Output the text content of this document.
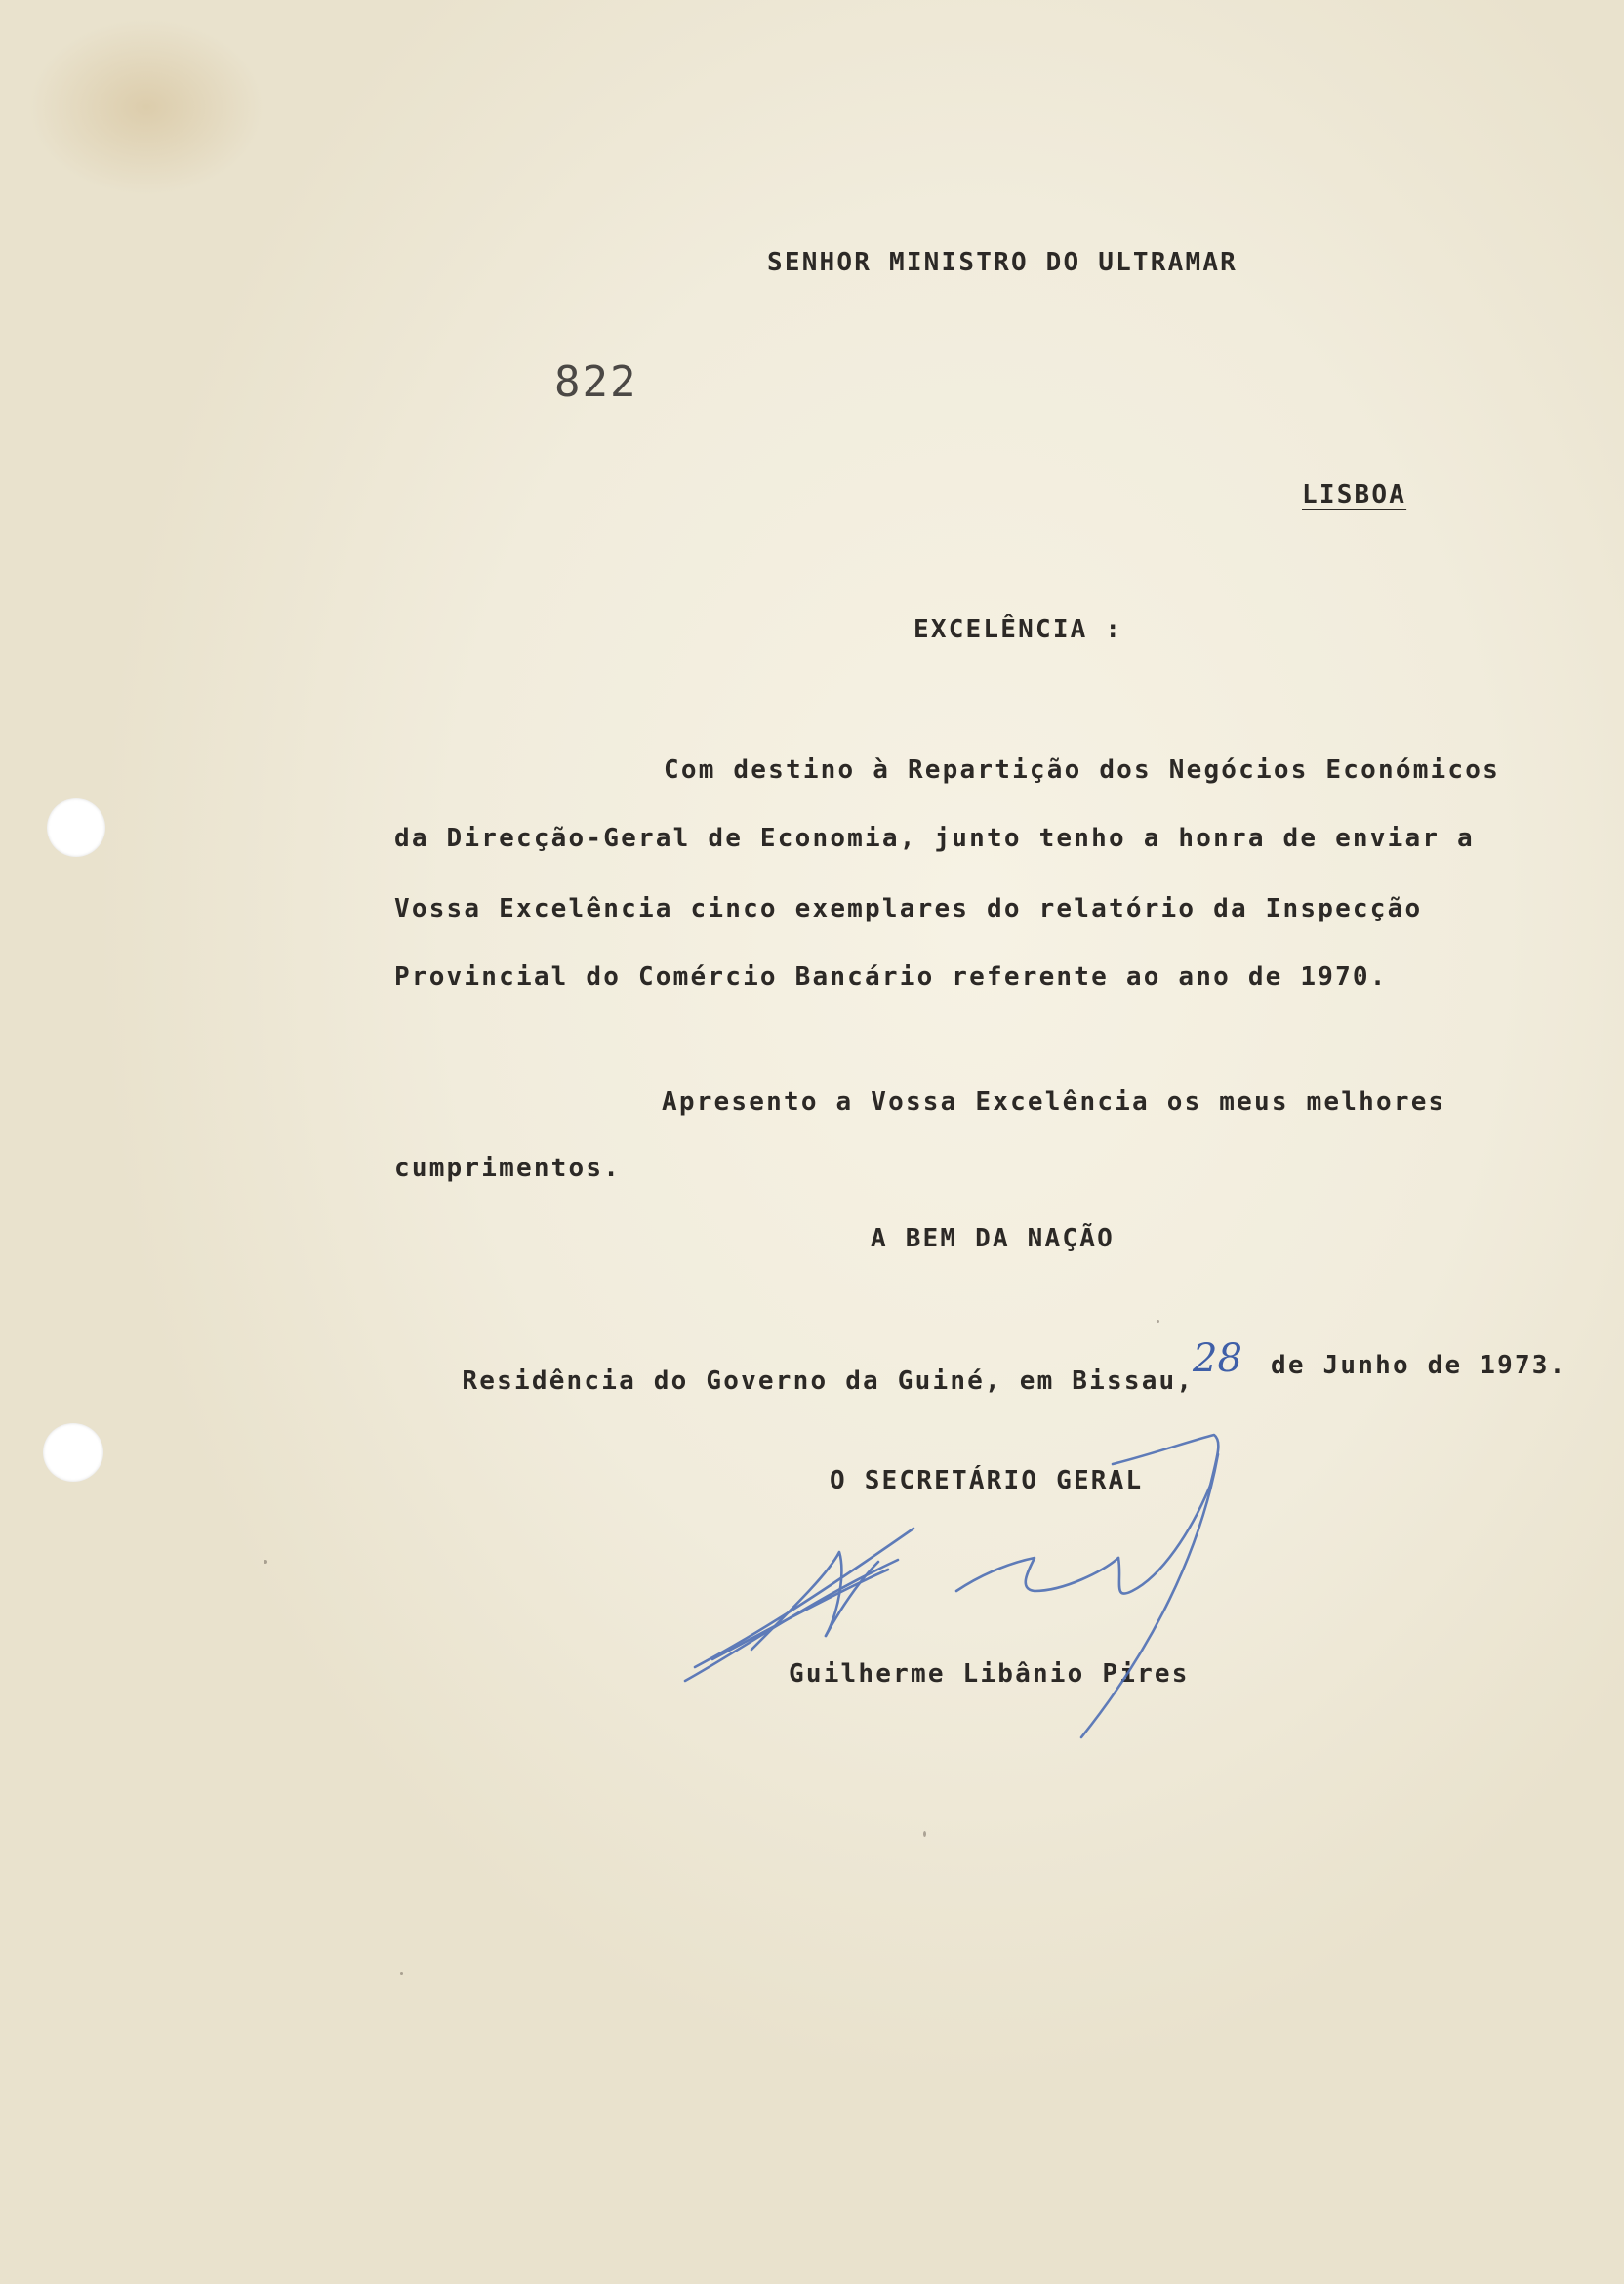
SENHOR MINISTRO DO ULTRAMAR
822
LISBOA
EXCELÊNCIA :
Com destino à Repartição dos Negócios Económicos
da Direcção-Geral de Economia, junto tenho a honra de enviar a
Vossa Excelência cinco exemplares do relatório da Inspecção
Provincial do Comércio Bancário referente ao ano de 1970.
Apresento a Vossa Excelência os meus melhores
cumprimentos.
A BEM DA NAÇÃO

Residência do Governo da Guiné, em Bissau,

28 de Junho de 1973.
O SECRETÁRIO GERAL
Guilherme Libânio Pires
